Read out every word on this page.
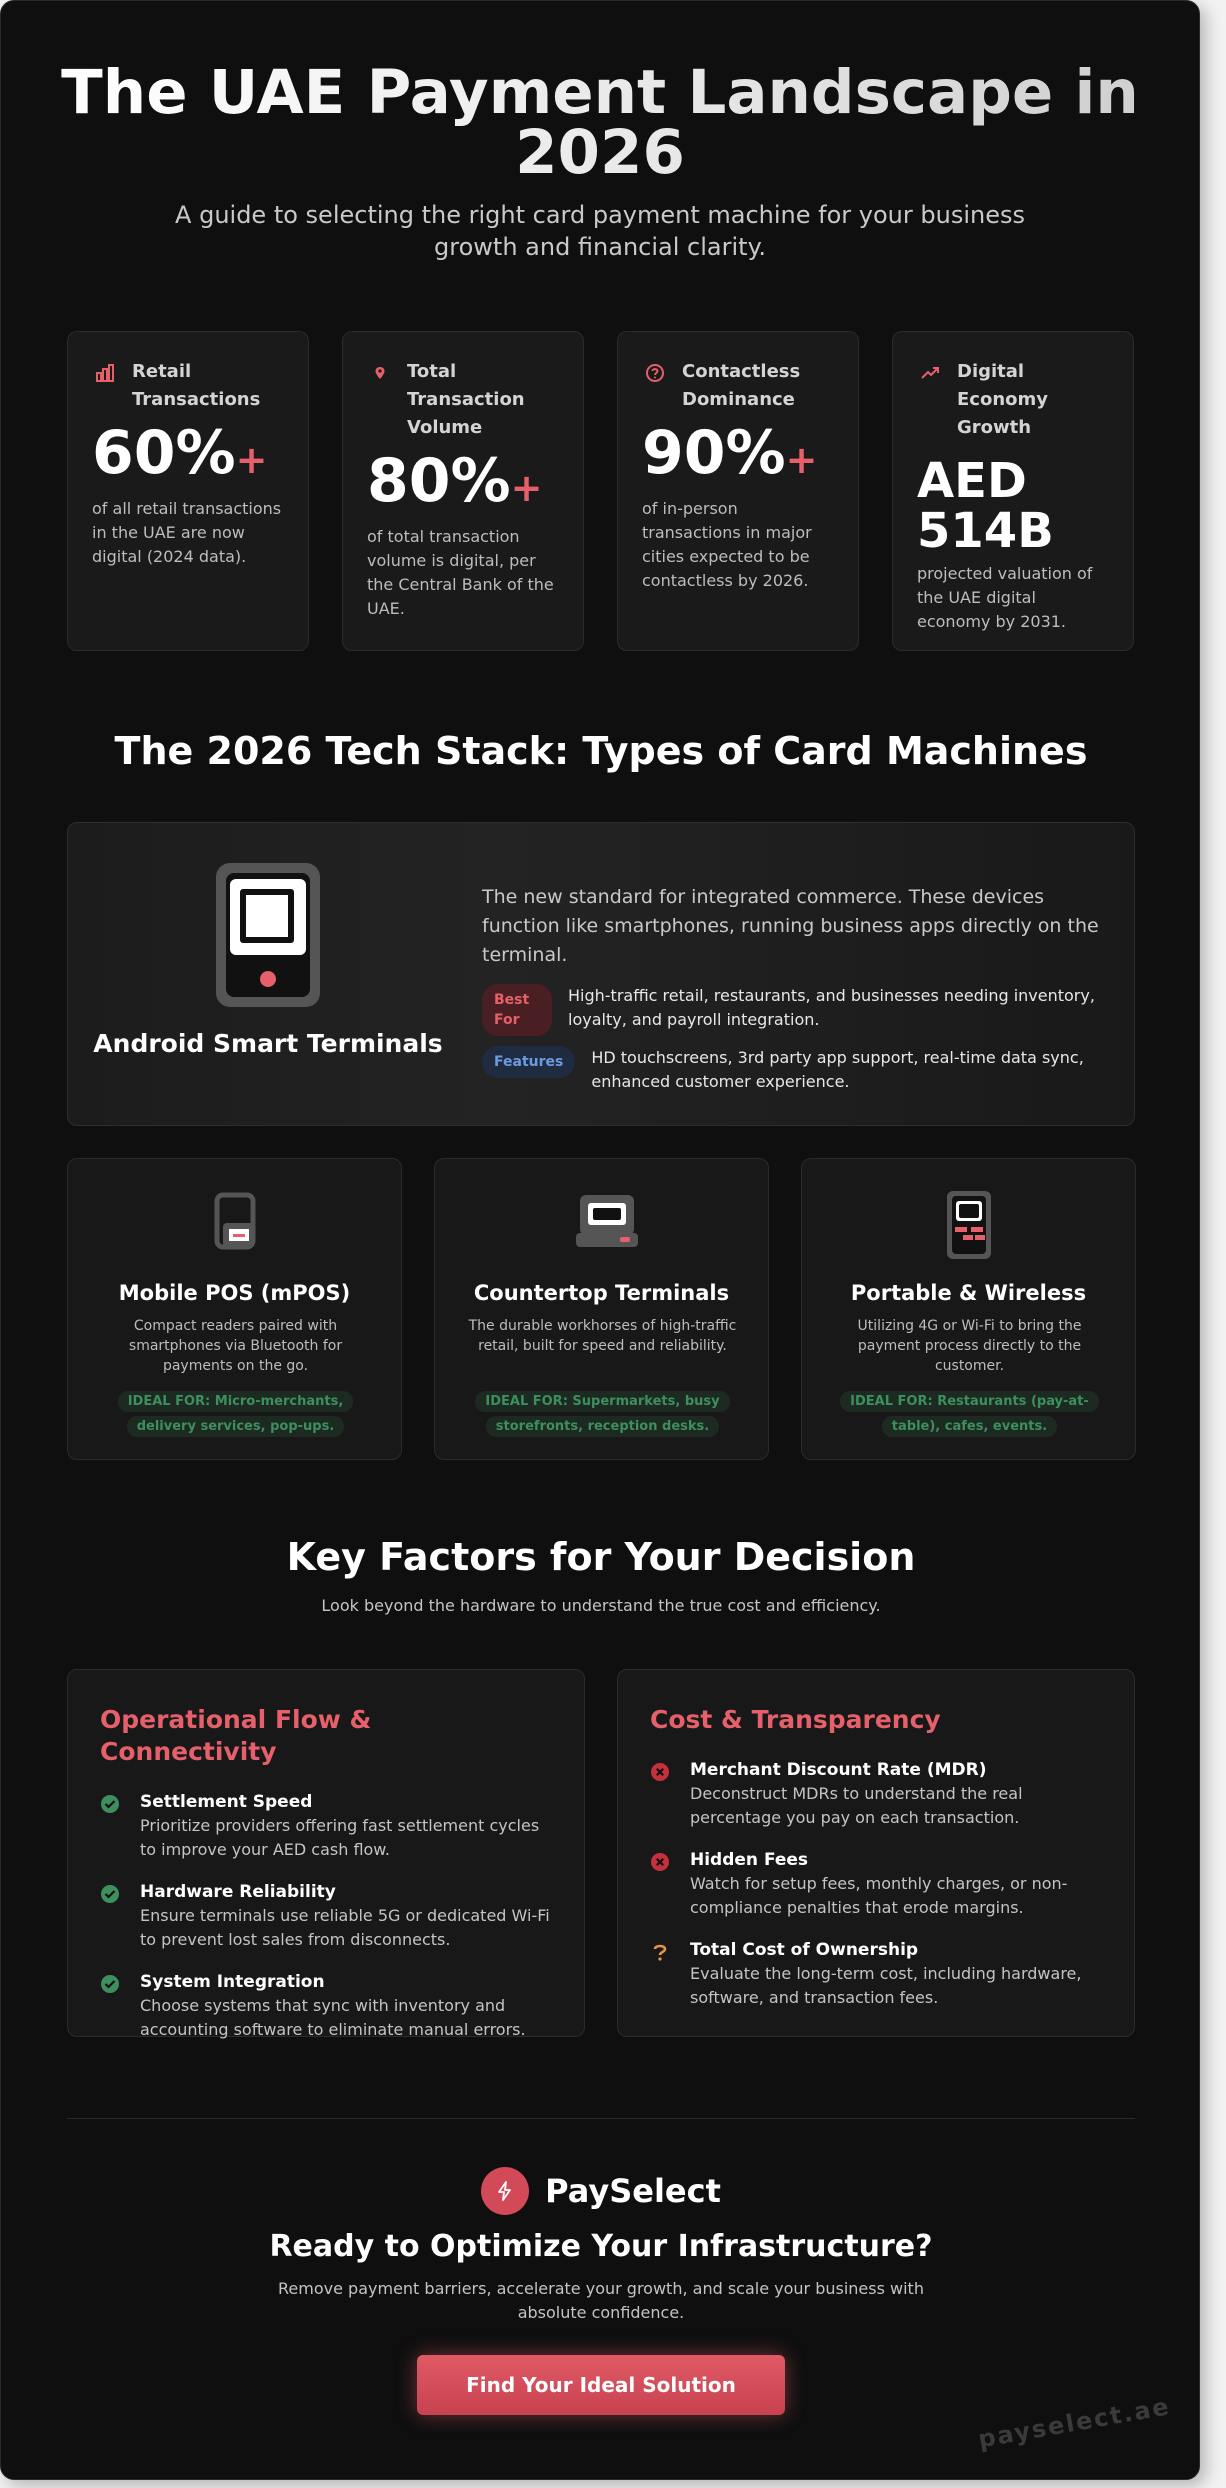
The UAE Payment Landscape in 2026

A guide to selecting the right card payment machine for your business growth and financial clarity.

Retail Transactions
60%+
of all retail transactions in the UAE are now digital (2024 data).
Total Transaction Volume
80%+
of total transaction volume is digital, per the Central Bank of the UAE.
Contactless Dominance
90%+
of in-person transactions in major cities expected to be contactless by 2026.
Digital Economy Growth
AED 514B
projected valuation of the UAE digital economy by 2031.
The 2026 Tech Stack: Types of Card Machines
Android Smart Terminals

The new standard for integrated commerce. These devices function like smartphones, running business apps directly on the terminal.

Best For
High-traffic retail, restaurants, and businesses needing inventory, loyalty, and payroll integration.
Features	HD touchscreens, 3rd party app support, real-time data sync, enhanced customer experience.
Mobile POS (mPOS)
Compact readers paired with smartphones via Bluetooth for payments on the go.
IDEAL FOR: Micro-merchants, delivery services, pop-ups.
Countertop Terminals
The durable workhorses of high-traffic retail, built for speed and reliability.
IDEAL FOR: Supermarkets, busy storefronts, reception desks.
Portable & Wireless
Utilizing 4G or Wi-Fi to bring the payment process directly to the customer.
IDEAL FOR: Restaurants (pay-at-table), cafes, events.
Key Factors for Your Decision

Look beyond the hardware to understand the true cost and efficiency.

Operational Flow & Connectivity
Settlement Speed
Prioritize providers offering fast settlement cycles to improve your AED cash flow.
Hardware Reliability
Ensure terminals use reliable 5G or dedicated Wi-Fi to prevent lost sales from disconnects.
System Integration
Choose systems that sync with inventory and accounting software to eliminate manual errors.
Cost & Transparency
Merchant Discount Rate (MDR)
Deconstruct MDRs to understand the real percentage you pay on each transaction.
Hidden Fees
Watch for setup fees, monthly charges, or non-compliance penalties that erode margins.
Total Cost of Ownership
Evaluate the long-term cost, including hardware, software, and transaction fees.
PaySelect
Ready to Optimize Your Infrastructure?

Remove payment barriers, accelerate your growth, and scale your business with absolute confidence.

Find Your Ideal Solution
payselect.ae
